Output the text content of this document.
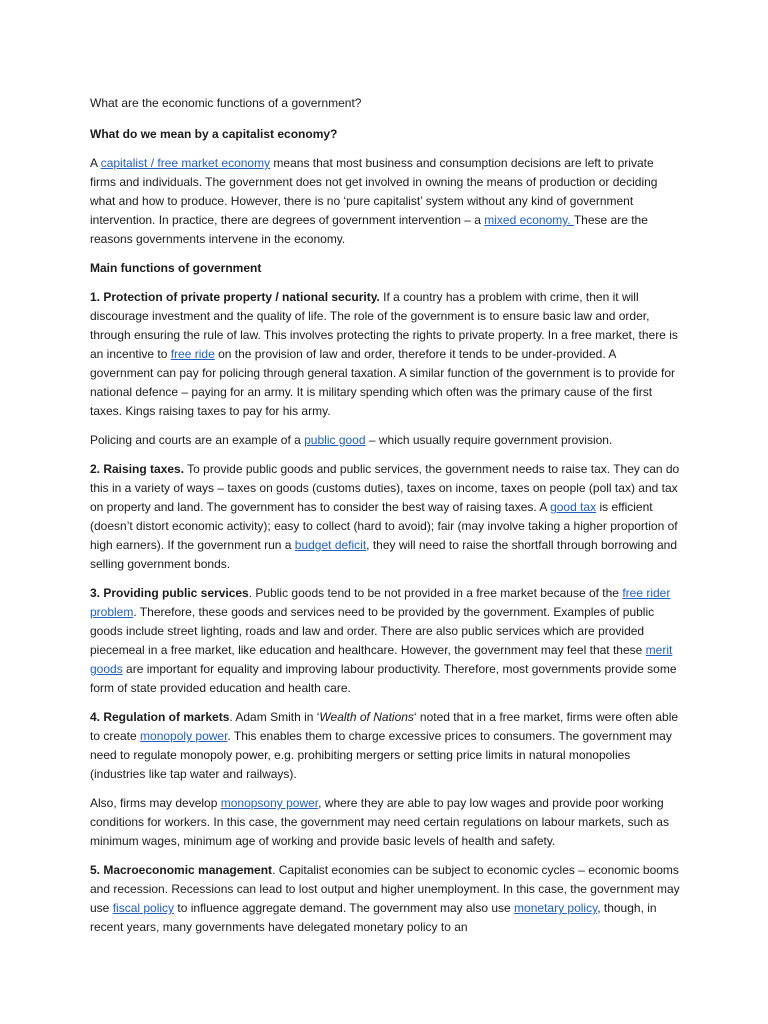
What are the economic functions of a government?

What do we mean by a capitalist economy?

A capitalist / free market economy means that most business and consumption decisions are left to private firms and individuals. The government does not get involved in owning the means of production or deciding what and how to produce. However, there is no ‘pure capitalist’ system without any kind of government intervention. In practice, there are degrees of government intervention – a mixed economy. These are the reasons governments intervene in the economy.

Main functions of government

1. Protection of private property / national security. If a country has a problem with crime, then it will discourage investment and the quality of life. The role of the government is to ensure basic law and order, through ensuring the rule of law. This involves protecting the rights to private property. In a free market, there is an incentive to free ride on the provision of law and order, therefore it tends to be under-provided. A government can pay for policing through general taxation. A similar function of the government is to provide for national defence – paying for an army. It is military spending which often was the primary cause of the first taxes. Kings raising taxes to pay for his army.

Policing and courts are an example of a public good – which usually require government provision.

2. Raising taxes. To provide public goods and public services, the government needs to raise tax. They can do this in a variety of ways – taxes on goods (customs duties), taxes on income, taxes on people (poll tax) and tax on property and land. The government has to consider the best way of raising taxes. A good tax is efficient (doesn’t distort economic activity); easy to collect (hard to avoid); fair (may involve taking a higher proportion of high earners). If the government run a budget deficit, they will need to raise the shortfall through borrowing and selling government bonds.

3. Providing public services. Public goods tend to be not provided in a free market because of the free rider problem. Therefore, these goods and services need to be provided by the government. Examples of public goods include street lighting, roads and law and order. There are also public services which are provided piecemeal in a free market, like education and healthcare. However, the government may feel that these merit goods are important for equality and improving labour productivity. Therefore, most governments provide some form of state provided education and health care.

4. Regulation of markets. Adam Smith in ‘Wealth of Nations‘ noted that in a free market, firms were often able to create monopoly power. This enables them to charge excessive prices to consumers. The government may need to regulate monopoly power, e.g. prohibiting mergers or setting price limits in natural monopolies (industries like tap water and railways).

Also, firms may develop monopsony power, where they are able to pay low wages and provide poor working conditions for workers. In this case, the government may need certain regulations on labour markets, such as minimum wages, minimum age of working and provide basic levels of health and safety.

5. Macroeconomic management. Capitalist economies can be subject to economic cycles – economic booms and recession. Recessions can lead to lost output and higher unemployment. In this case, the government may use fiscal policy to influence aggregate demand. The government may also use monetary policy, though, in recent years, many governments have delegated monetary policy to an
